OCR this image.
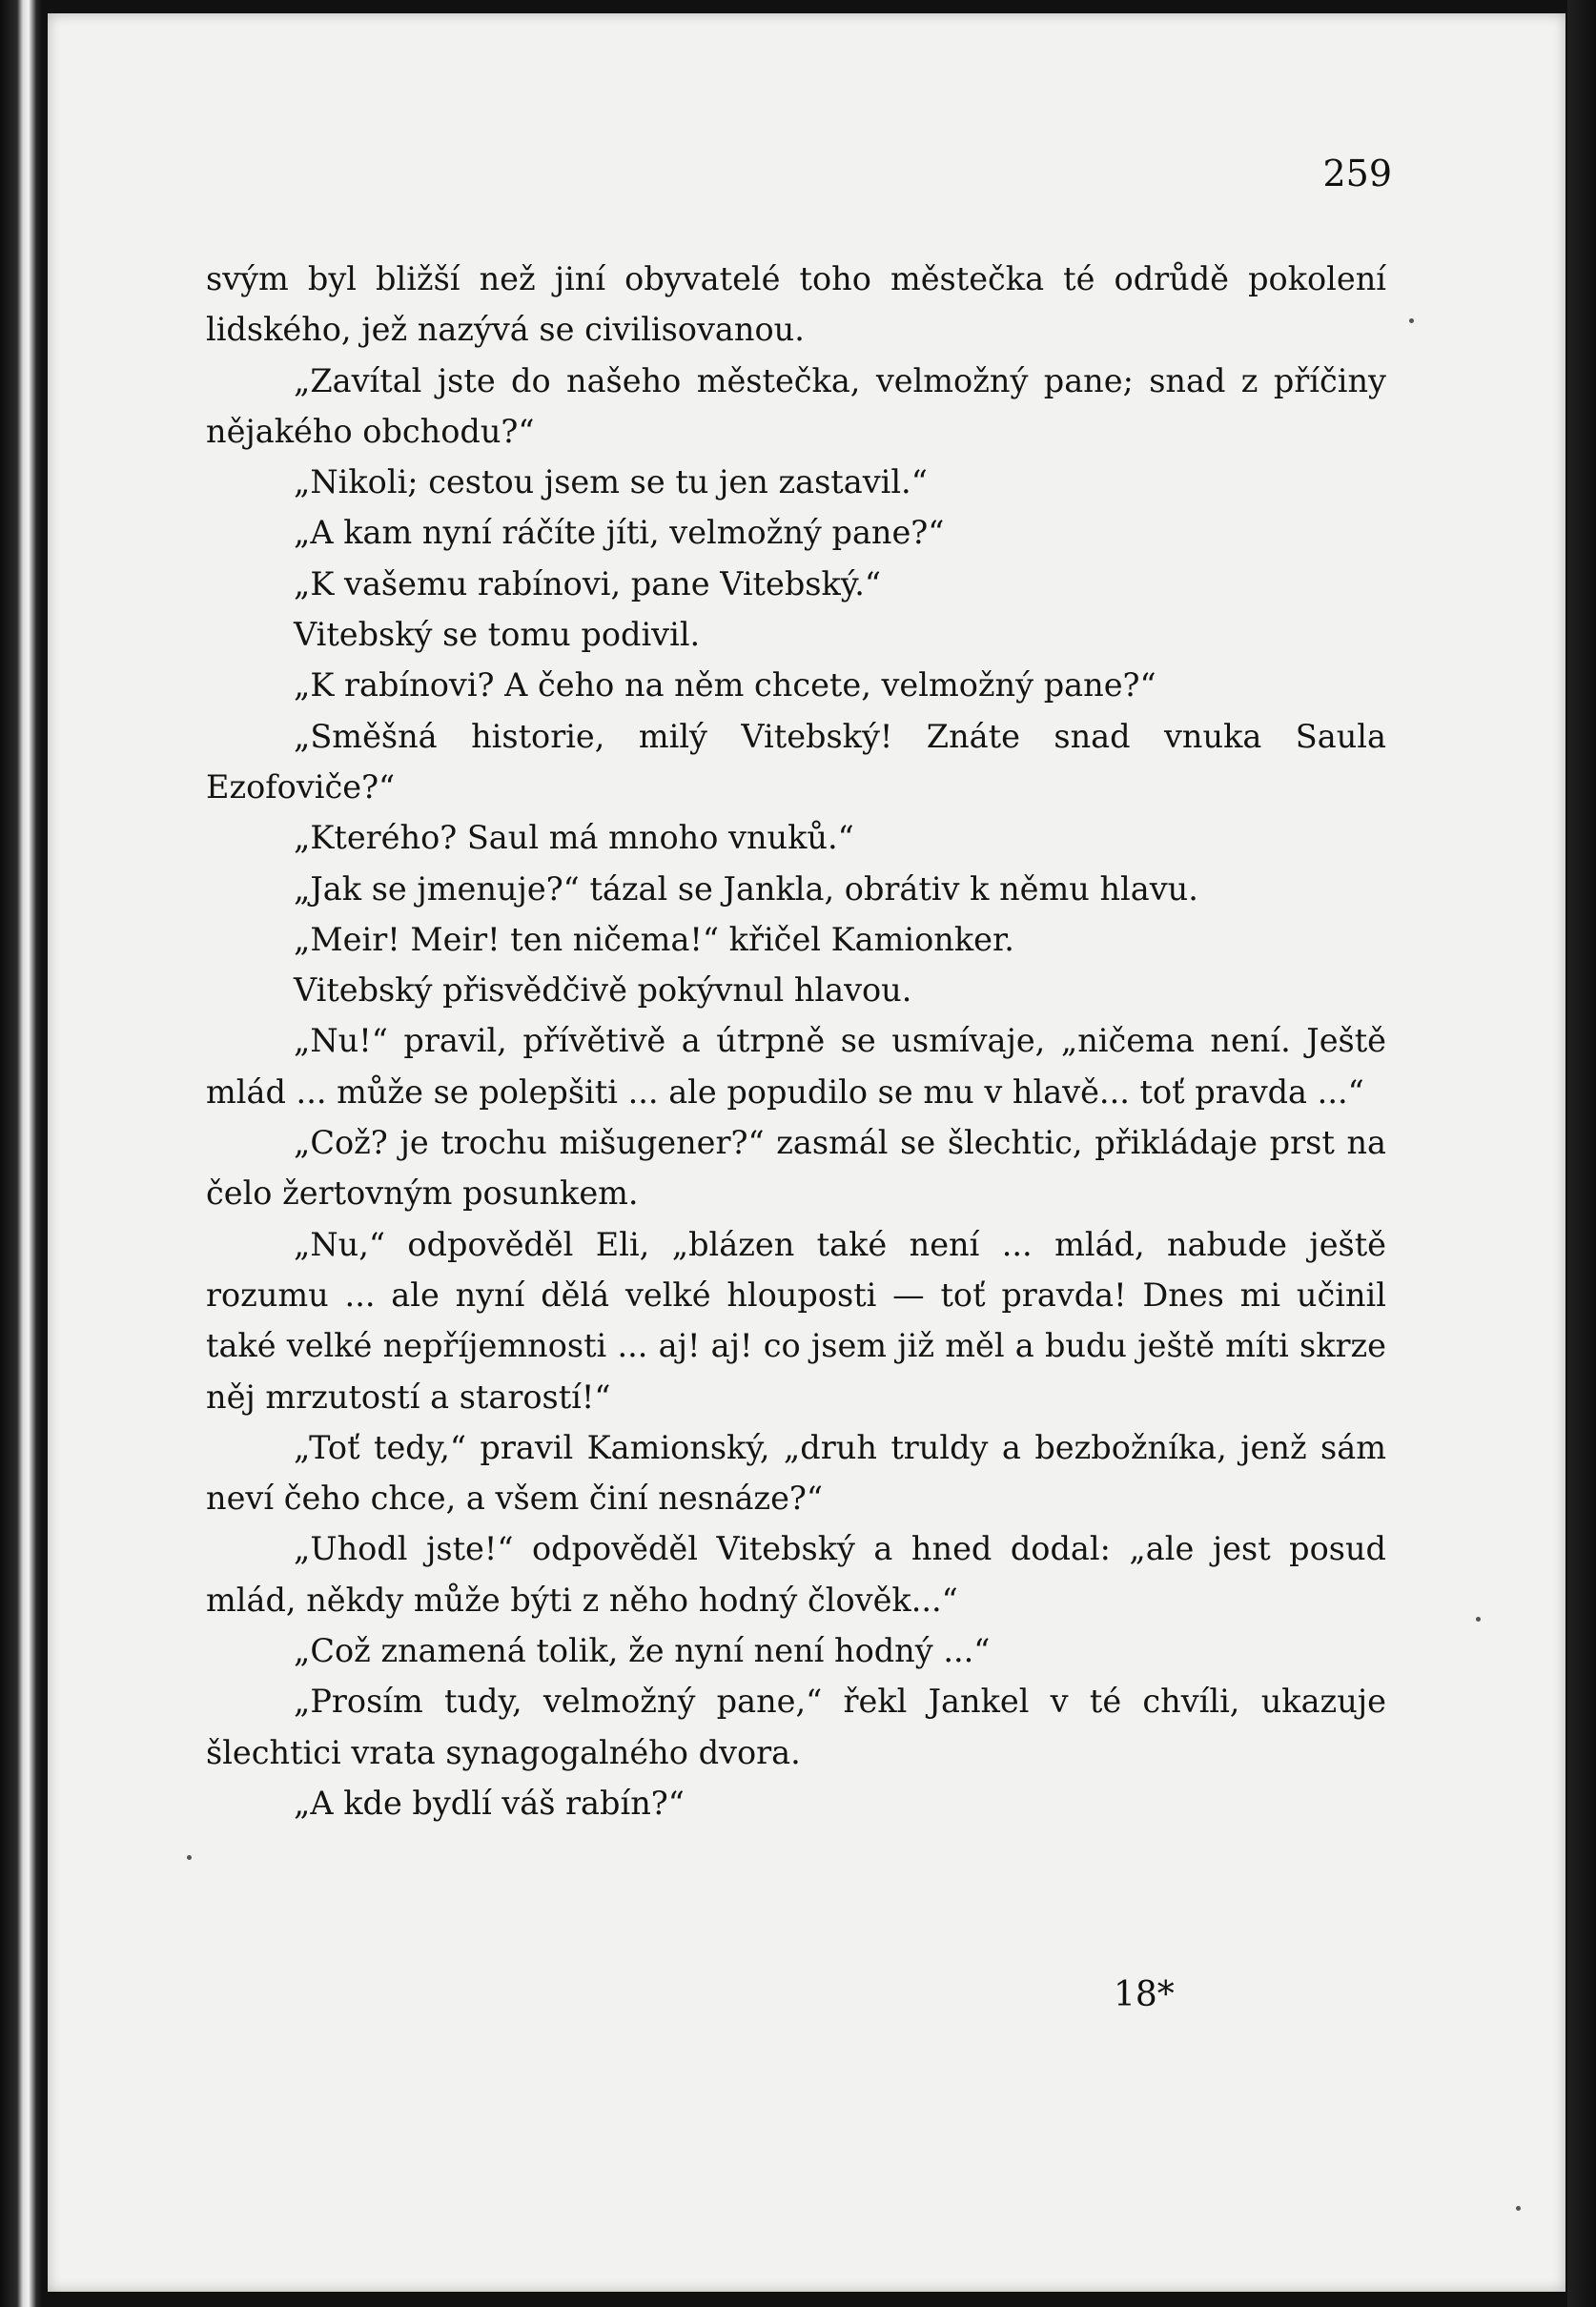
259

svým byl bližší než jiní obyvatelé toho městečka té odrůdě pokolení lidského, jež nazývá se civilisovanou.

„Zavítal jste do našeho městečka, velmožný pane; snad z příčiny nějakého obchodu?“

„Nikoli; cestou jsem se tu jen zastavil.“

„A kam nyní ráčíte jíti, velmožný pane?“

„K vašemu rabínovi, pane Vitebský.“

Vitebský se tomu podivil.

„K rabínovi? A čeho na něm chcete, velmožný pane?“

„Směšná historie, milý Vitebský! Znáte snad vnuka Saula Ezofoviče?“

„Kterého? Saul má mnoho vnuků.“

„Jak se jmenuje?“ tázal se Jankla, obrátiv k němu hlavu.

„Meir! Meir! ten ničema!“ křičel Kamionker.

Vitebský přisvědčivě pokývnul hlavou.

„Nu!“ pravil, přívětivě a útrpně se usmívaje, „ničema není. Ještě mlád ... může se polepšiti ... ale popudilo se mu v hlavě... toť pravda ...“

„Což? je trochu mišugener?“ zasmál se šlechtic, přikládaje prst na čelo žertovným posunkem.

„Nu,“ odpověděl Eli, „blázen také není ... mlád, nabude ještě rozumu ... ale nyní dělá velké hlouposti — toť pravda! Dnes mi učinil také velké nepříjemnosti ... aj! aj! co jsem již měl a budu ještě míti skrze něj mrzutostí a starostí!“

„Toť tedy,“ pravil Kamionský, „druh truldy a bezbožníka, jenž sám neví čeho chce, a všem činí nesnáze?“

„Uhodl jste!“ odpověděl Vitebský a hned dodal: „ale jest posud mlád, někdy může býti z něho hodný člověk...“

„Což znamená tolik, že nyní není hodný ...“

„Prosím tudy, velmožný pane,“ řekl Jankel v té chvíli, ukazuje šlechtici vrata synagogalného dvora.

„A kde bydlí váš rabín?“

18*
